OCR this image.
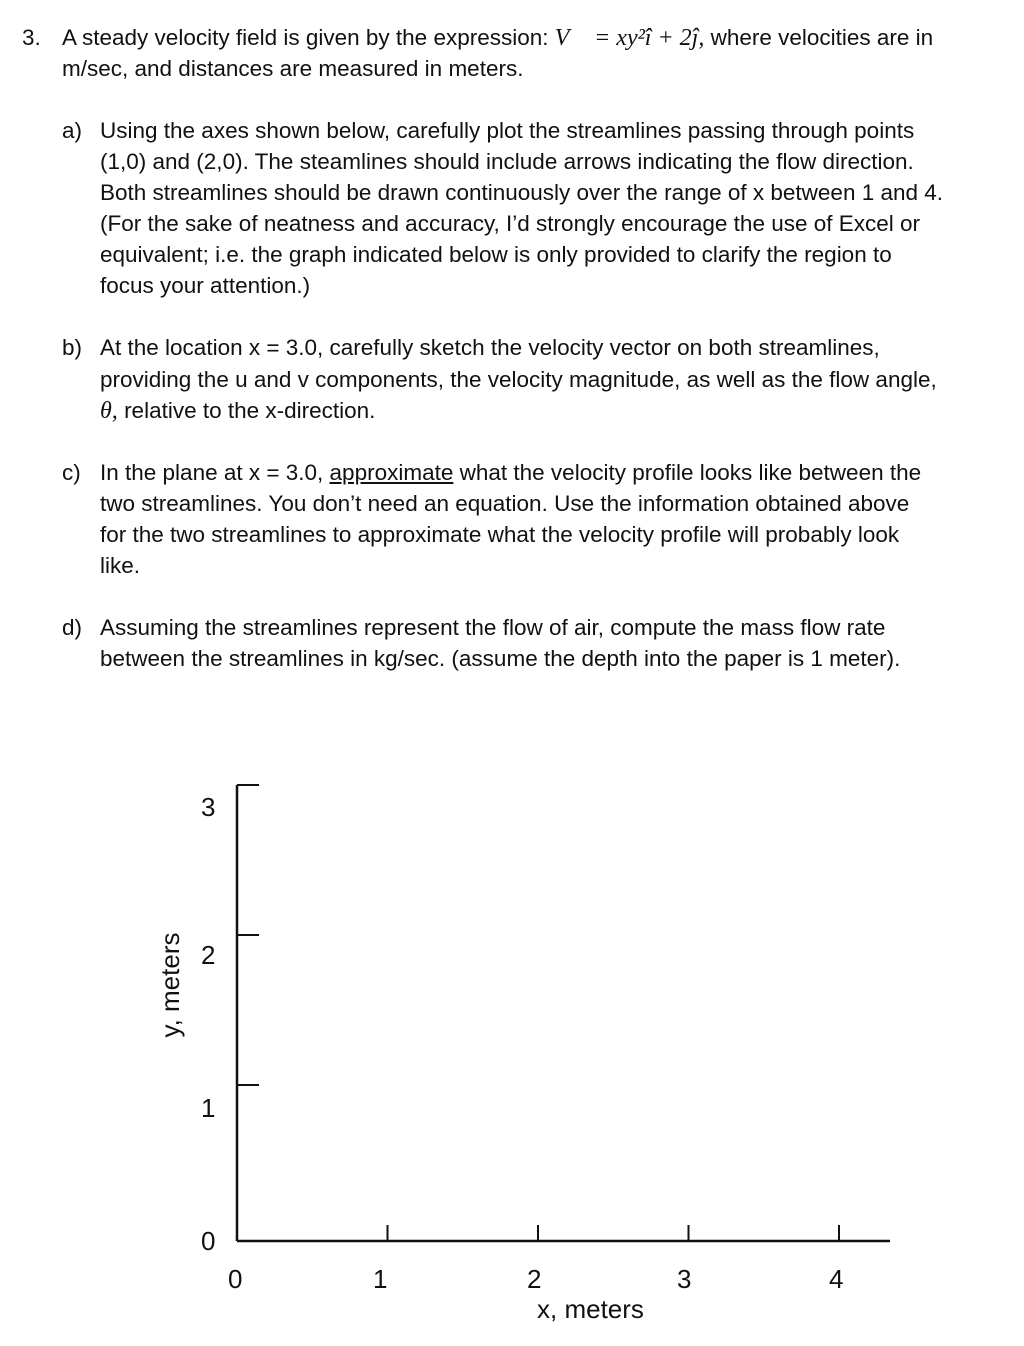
3. A steady velocity field is given by the expression: V⃗ = xy²î + 2ĵ, where velocities are in
m/sec, and distances are measured in meters.
a) Using the axes shown below, carefully plot the streamlines passing through points
(1,0) and (2,0). The steamlines should include arrows indicating the flow direction.
Both streamlines should be drawn continuously over the range of x between 1 and 4.
(For the sake of neatness and accuracy, I’d strongly encourage the use of Excel or
equivalent; i.e. the graph indicated below is only provided to clarify the region to
focus your attention.)
b) At the location x = 3.0, carefully sketch the velocity vector on both streamlines,
providing the u and v components, the velocity magnitude, as well as the flow angle,
θ, relative to the x-direction.
c) In the plane at x = 3.0, approximate what the velocity profile looks like between the
two streamlines. You don’t need an equation. Use the information obtained above
for the two streamlines to approximate what the velocity profile will probably look
like.
d) Assuming the streamlines represent the flow of air, compute the mass flow rate
between the streamlines in kg/sec. (assume the depth into the paper is 1 meter).
3
2
1
0
0	1	2	3	4
x, meters
y, meters
